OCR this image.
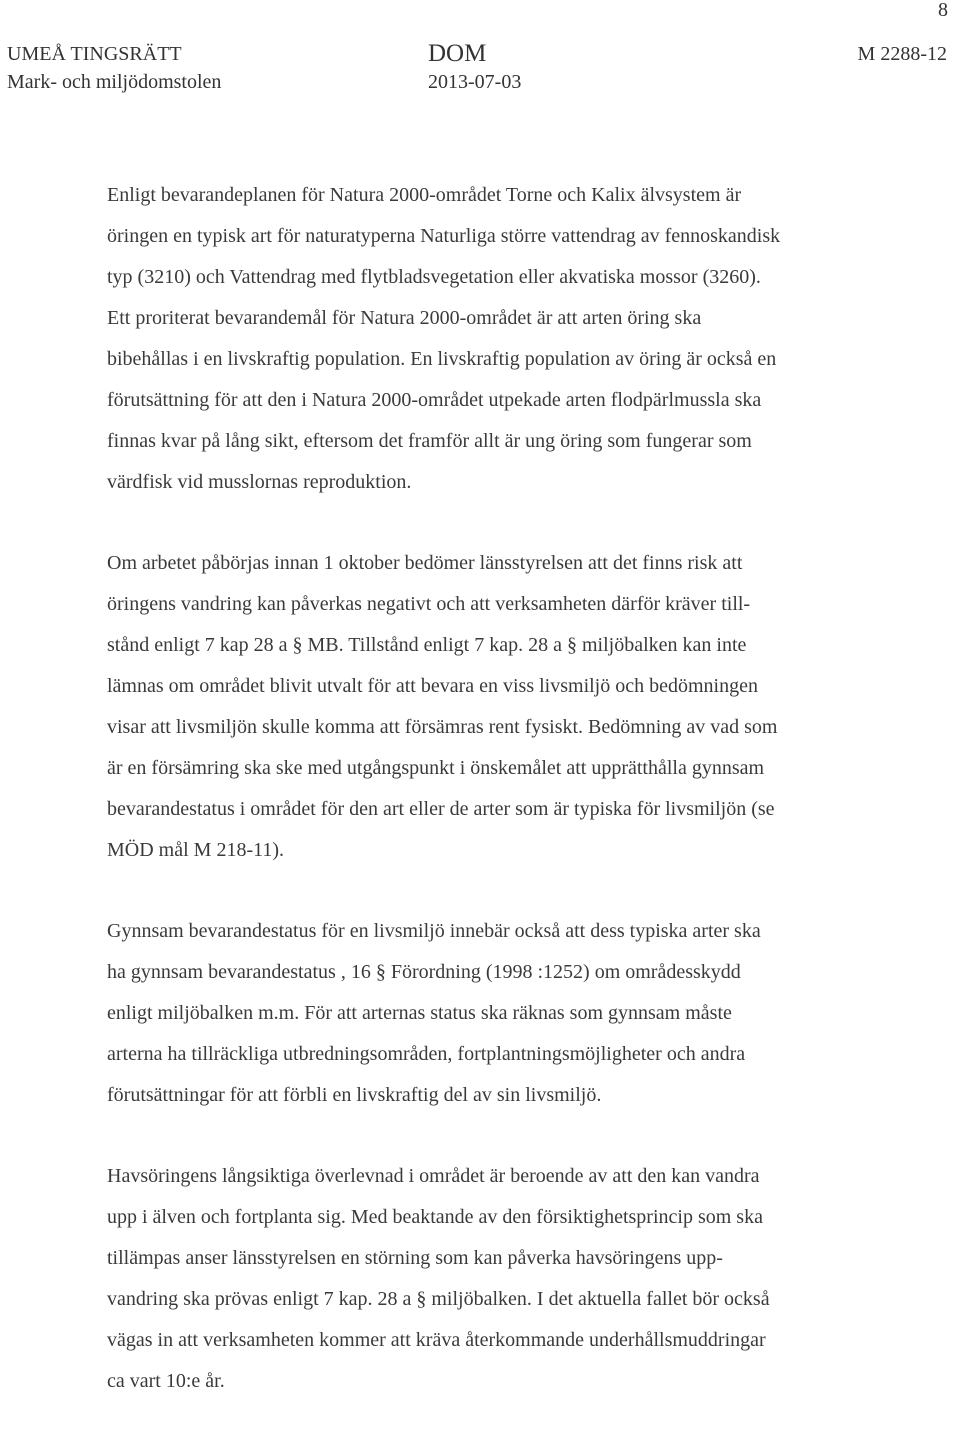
8
UMEÅ TINGSRÄTT
Mark- och miljödomstolen
DOM
2013-07-03
M 2288-12
Enligt bevarandeplanen för Natura 2000-området Torne och Kalix älvsystem är
öringen en typisk art för naturatyperna Naturliga större vattendrag av fennoskandisk
typ (3210) och Vattendrag med flytbladsvegetation eller akvatiska mossor (3260).
Ett proriterat bevarandemål för Natura 2000-området är att arten öring ska
bibehållas i en livskraftig population. En livskraftig population av öring är också en
förutsättning för att den i Natura 2000-området utpekade arten flodpärlmussla ska
finnas kvar på lång sikt, eftersom det framför allt är ung öring som fungerar som
värdfisk vid musslornas reproduktion.
Om arbetet påbörjas innan 1 oktober bedömer länsstyrelsen att det finns risk att
öringens vandring kan påverkas negativt och att verksamheten därför kräver till-
stånd enligt 7 kap 28 a § MB. Tillstånd enligt 7 kap. 28 a § miljöbalken kan inte
lämnas om området blivit utvalt för att bevara en viss livsmiljö och bedömningen
visar att livsmiljön skulle komma att försämras rent fysiskt. Bedömning av vad som
är en försämring ska ske med utgångspunkt i önskemålet att upprätthålla gynnsam
bevarandestatus i området för den art eller de arter som är typiska för livsmiljön (se
MÖD mål M 218-11).
Gynnsam bevarandestatus för en livsmiljö innebär också att dess typiska arter ska
ha gynnsam bevarandestatus , 16 § Förordning (1998 :1252) om områdesskydd
enligt miljöbalken m.m. För att arternas status ska räknas som gynnsam måste
arterna ha tillräckliga utbredningsområden, fortplantningsmöjligheter och andra
förutsättningar för att förbli en livskraftig del av sin livsmiljö.
Havsöringens långsiktiga överlevnad i området är beroende av att den kan vandra
upp i älven och fortplanta sig. Med beaktande av den försiktighetsprincip som ska
tillämpas anser länsstyrelsen en störning som kan påverka havsöringens upp-
vandring ska prövas enligt 7 kap. 28 a § miljöbalken. I det aktuella fallet bör också
vägas in att verksamheten kommer att kräva återkommande underhållsmuddringar
ca vart 10:e år.
